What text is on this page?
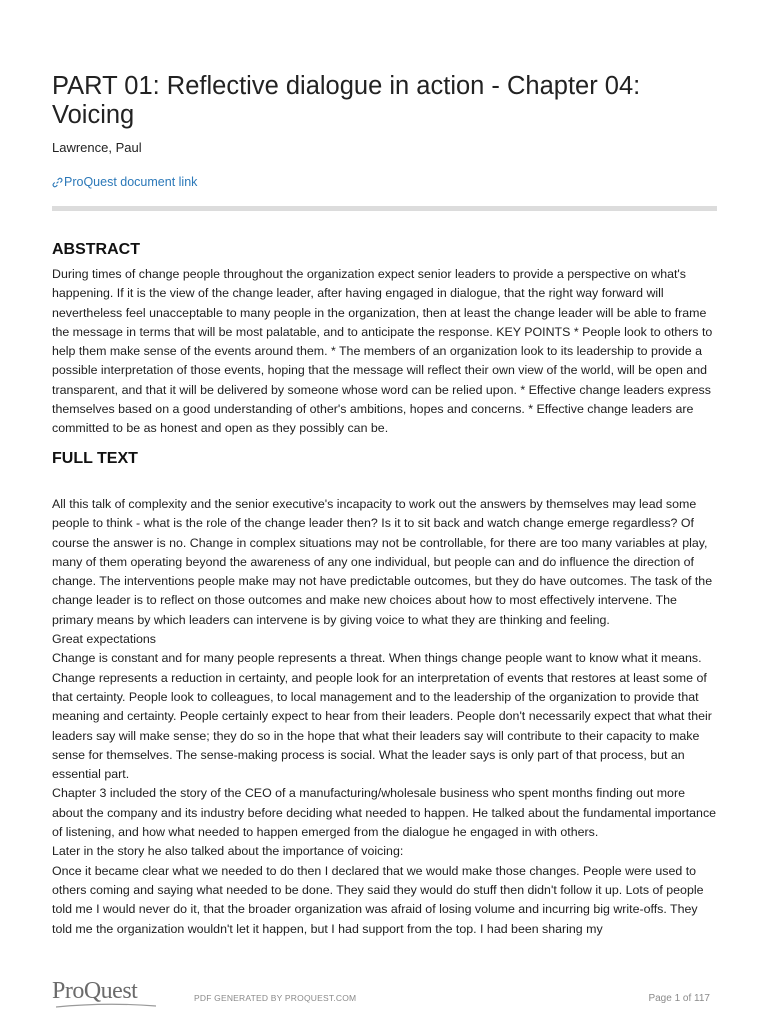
PART 01: Reflective dialogue in action - Chapter 04: Voicing
Lawrence, Paul
ProQuest document link
ABSTRACT

During times of change people throughout the organization expect senior leaders to provide a perspective on what's happening. If it is the view of the change leader, after having engaged in dialogue, that the right way forward will nevertheless feel unacceptable to many people in the organization, then at least the change leader will be able to frame the message in terms that will be most palatable, and to anticipate the response. KEY POINTS * People look to others to help them make sense of the events around them. * The members of an organization look to its leadership to provide a possible interpretation of those events, hoping that the message will reflect their own view of the world, will be open and transparent, and that it will be delivered by someone whose word can be relied upon. * Effective change leaders express themselves based on a good understanding of other's ambitions, hopes and concerns. * Effective change leaders are committed to be as honest and open as they possibly can be.

FULL TEXT

All this talk of complexity and the senior executive's incapacity to work out the answers by themselves may lead some people to think - what is the role of the change leader then? Is it to sit back and watch change emerge regardless? Of course the answer is no. Change in complex situations may not be controllable, for there are too many variables at play, many of them operating beyond the awareness of any one individual, but people can and do influence the direction of change. The interventions people make may not have predictable outcomes, but they do have outcomes. The task of the change leader is to reflect on those outcomes and make new choices about how to most effectively intervene. The primary means by which leaders can intervene is by giving voice to what they are thinking and feeling.

Great expectations

Change is constant and for many people represents a threat. When things change people want to know what it means. Change represents a reduction in certainty, and people look for an interpretation of events that restores at least some of that certainty. People look to colleagues, to local management and to the leadership of the organization to provide that meaning and certainty. People certainly expect to hear from their leaders. People don't necessarily expect that what their leaders say will make sense; they do so in the hope that what their leaders say will contribute to their capacity to make sense for themselves. The sense-making process is social. What the leader says is only part of that process, but an essential part.

Chapter 3 included the story of the CEO of a manufacturing/wholesale business who spent months finding out more about the company and its industry before deciding what needed to happen. He talked about the fundamental importance of listening, and how what needed to happen emerged from the dialogue he engaged in with others.

Later in the story he also talked about the importance of voicing:

Once it became clear what we needed to do then I declared that we would make those changes. People were used to others coming and saying what needed to be done. They said they would do stuff then didn't follow it up. Lots of people told me I would never do it, that the broader organization was afraid of losing volume and incurring big write-offs. They told me the organization wouldn't let it happen, but I had support from the top. I had been sharing my

ProQuest	PDF GENERATED BY PROQUEST.COM	Page 1 of 117
